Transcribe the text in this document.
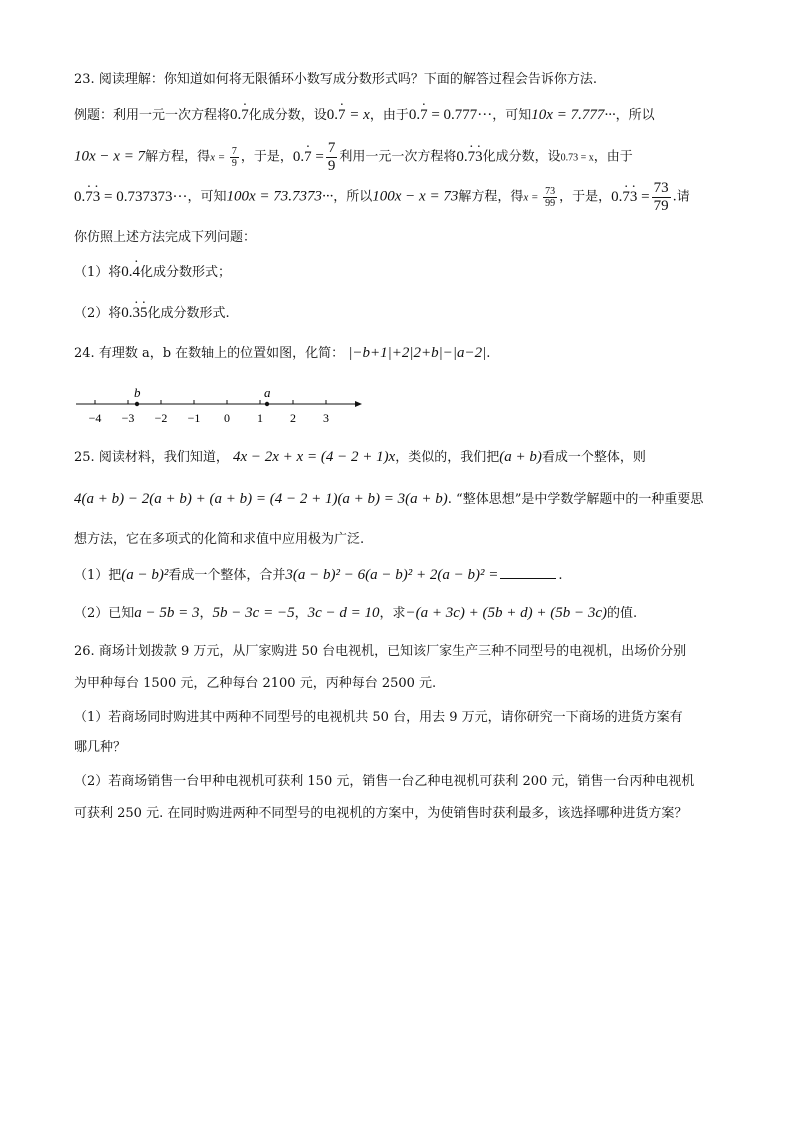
23. 阅读理解：你知道如何将无限循环小数写成分数形式吗？下面的解答过程会告诉你方法.
例题：利用一元一次方程将0.· 7化成分数，设0.· 7 = x，由于0.· 7 = 0.777···，可知10x = 7.777···，所以
10x − x = 7解方程，得$x = \frac{7}{9}$ ，于是，$0.\cdot 7 = \frac{7}{9}$ 利用一元一次方程将0.· 7· 3化成分数，设0.73 = x，由于
0.· 7· 3 = 0.737373···，可知100x = 73.7373···，所以100x − x = 73解方程，得$x = \frac{73}{99}$ ，于是，$0.\cdot 7\cdot 3 = \frac{73}{79}$ .请
你仿照上述方法完成下列问题：
（1）将0.· 4化成分数形式；
（2）将0.· 3· 5化成分数形式.
24. 有理数 a，b 在数轴上的位置如图，化简： |−b+1|+2|2+b|−|a−2|.
−4 −3 −2 −1 0 1 2 3
b	a
25. 阅读材料，我们知道， 4x − 2x + x = (4 − 2 + 1)x，类似的，我们把(a + b)看成一个整体，则
4(a + b) − 2(a + b) + (a + b) = (4 − 2 + 1)(a + b) = 3(a + b). “整体思想”是中学数学解题中的一种重要思
想方法，它在多项式的化简和求值中应用极为广泛.
（1）把(a − b)²看成一个整体，合并3(a − b)² − 6(a − b)² + 2(a − b)² =	.
（2）已知a − 5b = 3，5b − 3c = −5，3c − d = 10，求−(a + 3c) + (5b + d) + (5b − 3c)的值.
26. 商场计划拨款 9 万元，从厂家购进 50 台电视机，已知该厂家生产三种不同型号的电视机，出场价分别
为甲种每台 1500 元，乙种每台 2100 元，丙种每台 2500 元.
（1）若商场同时购进其中两种不同型号的电视机共 50 台，用去 9 万元，请你研究一下商场的进货方案有
哪几种？
（2）若商场销售一台甲种电视机可获利 150 元，销售一台乙种电视机可获利 200 元，销售一台丙种电视机
可获利 250 元. 在同时购进两种不同型号的电视机的方案中，为使销售时获利最多，该选择哪种进货方案？
